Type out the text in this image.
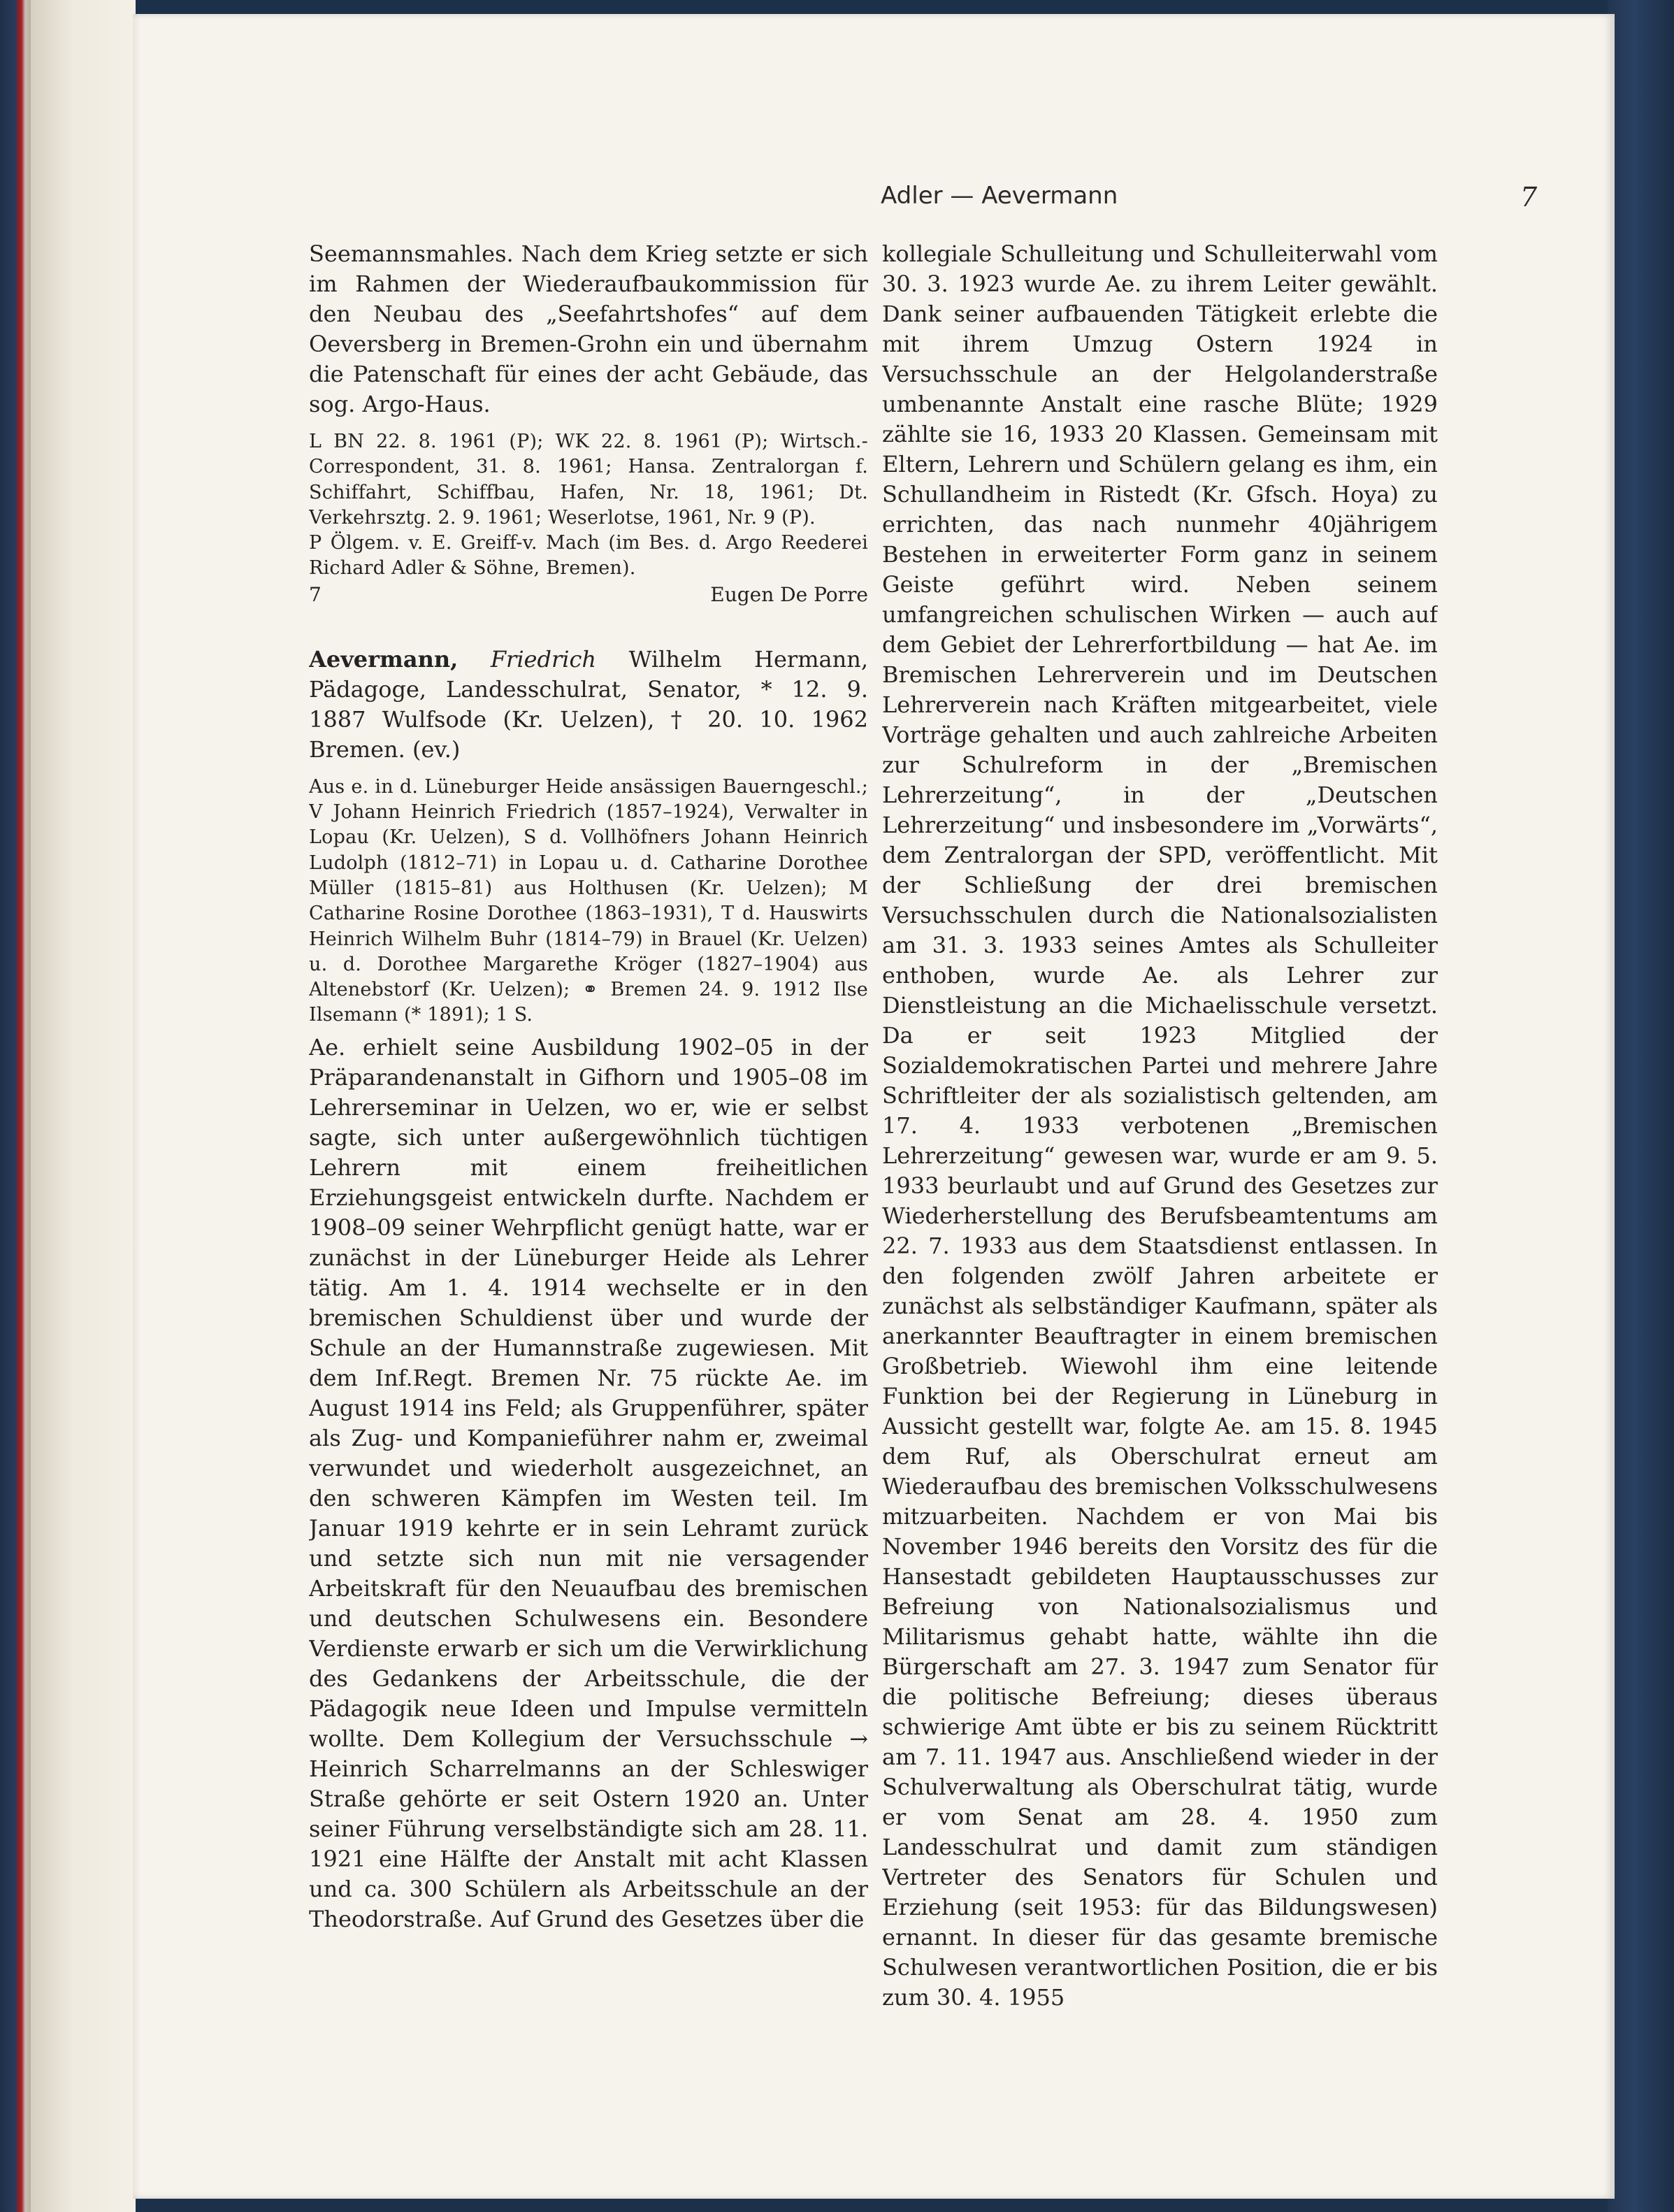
Adler — Aevermann	7

Seemannsmahles. Nach dem Krieg setzte er sich im Rahmen der Wiederaufbaukommission für den Neubau des „Seefahrtshofes“ auf dem Oeversberg in Bremen-Grohn ein und übernahm die Patenschaft für eines der acht Gebäude, das sog. Argo-Haus.

L BN 22. 8. 1961 (P); WK 22. 8. 1961 (P); Wirtsch.-Correspondent, 31. 8. 1961; Hansa. Zentralorgan f. Schiffahrt, Schiffbau, Hafen, Nr. 18, 1961; Dt. Verkehrsztg. 2. 9. 1961; Weserlotse, 1961, Nr. 9 (P).

P Ölgem. v. E. Greiff-v. Mach (im Bes. d. Argo Reederei Richard Adler & Söhne, Bremen).

7	Eugen De Porre

Aevermann, Friedrich Wilhelm Hermann, Pädagoge, Landesschulrat, Senator, * 12. 9. 1887 Wulfsode (Kr. Uelzen), † 20. 10. 1962 Bremen. (ev.)

Aus e. in d. Lüneburger Heide ansässigen Bauerngeschl.; V Johann Heinrich Friedrich (1857–1924), Verwalter in Lopau (Kr. Uelzen), S d. Vollhöfners Johann Heinrich Ludolph (1812–71) in Lopau u. d. Catharine Dorothee Müller (1815–81) aus Holthusen (Kr. Uelzen); M Catharine Rosine Dorothee (1863–1931), T d. Hauswirts Heinrich Wilhelm Buhr (1814–79) in Brauel (Kr. Uelzen) u. d. Dorothee Margarethe Kröger (1827–1904) aus Altenebstorf (Kr. Uelzen); ⚭ Bremen 24. 9. 1912 Ilse Ilsemann (* 1891); 1 S.

Ae. erhielt seine Ausbildung 1902–05 in der Präparandenanstalt in Gifhorn und 1905–08 im Lehrerseminar in Uelzen, wo er, wie er selbst sagte, sich unter außergewöhnlich tüchtigen Lehrern mit einem freiheitlichen Erziehungsgeist entwickeln durfte. Nachdem er 1908–09 seiner Wehrpflicht genügt hatte, war er zunächst in der Lüneburger Heide als Lehrer tätig. Am 1. 4. 1914 wechselte er in den bremischen Schuldienst über und wurde der Schule an der Humannstraße zugewiesen. Mit dem Inf.Regt. Bremen Nr. 75 rückte Ae. im August 1914 ins Feld; als Gruppenführer, später als Zug- und Kompanieführer nahm er, zweimal verwundet und wiederholt ausgezeichnet, an den schweren Kämpfen im Westen teil. Im Januar 1919 kehrte er in sein Lehramt zurück und setzte sich nun mit nie versagender Arbeitskraft für den Neuaufbau des bremischen und deutschen Schulwesens ein. Besondere Verdienste erwarb er sich um die Verwirklichung des Gedankens der Arbeitsschule, die der Pädagogik neue Ideen und Impulse vermitteln wollte. Dem Kollegium der Versuchsschule → Heinrich Scharrelmanns an der Schleswiger Straße gehörte er seit Ostern 1920 an. Unter seiner Führung verselbständigte sich am 28. 11. 1921 eine Hälfte der Anstalt mit acht Klassen und ca. 300 Schülern als Arbeitsschule an der Theodorstraße. Auf Grund des Gesetzes über die

kollegiale Schulleitung und Schulleiterwahl vom 30. 3. 1923 wurde Ae. zu ihrem Leiter gewählt. Dank seiner aufbauenden Tätigkeit erlebte die mit ihrem Umzug Ostern 1924 in Versuchsschule an der Helgolanderstraße umbenannte Anstalt eine rasche Blüte; 1929 zählte sie 16, 1933 20 Klassen. Gemeinsam mit Eltern, Lehrern und Schülern gelang es ihm, ein Schullandheim in Ristedt (Kr. Gfsch. Hoya) zu errichten, das nach nunmehr 40jährigem Bestehen in erweiterter Form ganz in seinem Geiste geführt wird. Neben seinem umfangreichen schulischen Wirken — auch auf dem Gebiet der Lehrerfortbildung — hat Ae. im Bremischen Lehrerverein und im Deutschen Lehrerverein nach Kräften mitgearbeitet, viele Vorträge gehalten und auch zahlreiche Arbeiten zur Schulreform in der „Bremischen Lehrerzeitung“, in der „Deutschen Lehrerzeitung“ und insbesondere im „Vorwärts“, dem Zentralorgan der SPD, veröffentlicht. Mit der Schließung der drei bremischen Versuchsschulen durch die Nationalsozialisten am 31. 3. 1933 seines Amtes als Schulleiter enthoben, wurde Ae. als Lehrer zur Dienstleistung an die Michaelisschule versetzt. Da er seit 1923 Mitglied der Sozialdemokratischen Partei und mehrere Jahre Schriftleiter der als sozialistisch geltenden, am 17. 4. 1933 verbotenen „Bremischen Lehrerzeitung“ gewesen war, wurde er am 9. 5. 1933 beurlaubt und auf Grund des Gesetzes zur Wiederherstellung des Berufsbeamtentums am 22. 7. 1933 aus dem Staatsdienst entlassen. In den folgenden zwölf Jahren arbeitete er zunächst als selbständiger Kaufmann, später als anerkannter Beauftragter in einem bremischen Großbetrieb. Wiewohl ihm eine leitende Funktion bei der Regierung in Lüneburg in Aussicht gestellt war, folgte Ae. am 15. 8. 1945 dem Ruf, als Oberschulrat erneut am Wiederaufbau des bremischen Volksschulwesens mitzuarbeiten. Nachdem er von Mai bis November 1946 bereits den Vorsitz des für die Hansestadt gebildeten Hauptausschusses zur Befreiung von Nationalsozialismus und Militarismus gehabt hatte, wählte ihn die Bürgerschaft am 27. 3. 1947 zum Senator für die politische Befreiung; dieses überaus schwierige Amt übte er bis zu seinem Rücktritt am 7. 11. 1947 aus. Anschließend wieder in der Schulverwaltung als Oberschulrat tätig, wurde er vom Senat am 28. 4. 1950 zum Landesschulrat und damit zum ständigen Vertreter des Senators für Schulen und Erziehung (seit 1953: für das Bildungswesen) ernannt. In dieser für das gesamte bremische Schulwesen verantwortlichen Position, die er bis zum 30. 4. 1955
